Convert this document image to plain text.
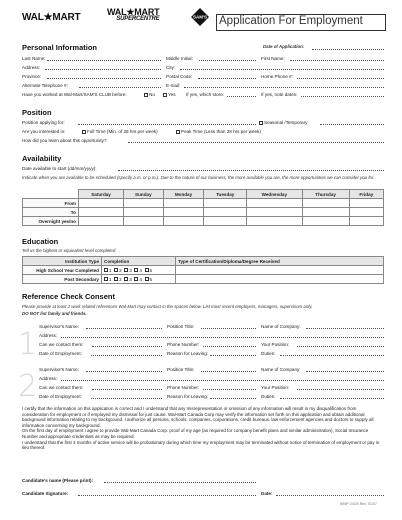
WAL★MART	WAL★MART
SUPERCENTRE	SAM'S Application For Employment
Personal Information	Date of Application:
Last Name:	Middle Initial:	First Name:
Address:	City:
Province:	Postal Code:	Home Phone #:
Alternate Telephone #:	E-mail:
Have you worked at Wal-Mart/SAM'S CLUB before:	No	Yes If yes, which store:	If yes, note dates:
Position
Position applying for:	Seasonal /Temporary
Are you interested in:	Full Time (Min. of 28 hrs per week)	Peak Time (Less than 28 hrs per week)
How did you learn about this opportunity?
Availability
Date available to start (dd/mm/yyyy):
Indicate when you are available to be scheduled (specify a.m. or p.m.). Due to the nature of our business, the more available you are, the more opportunities we can consider you for.
	Saturday	Sunday	Monday	Tuesday	Wednesday	Thursday	Friday
From							
To							
Overnight yes/no							
Education
Tell us the highest or equivalent level completed
Institution Type	Completion	Type of Certification/Diploma/Degree Received
High School Year Completed	1 2 3 4 5	
Post Secondary	1 2 3 4 5	
Reference Check Consent
Please provide at least 2 work related references Wal-Mart may contact in the spaces below. List most recent employers, managers, supervisors only.
DO NOT list family and friends.
1
Supervisor's Name:	Position Title:	Name of Company:
Address:
Can we contact them:	Phone Number:	Your Position:
Date of Employment:	Reason for Leaving:	Duties:
2 Supervisor's Name:	Position Title:	Name of Company:
Address:
Can we contact them:	Phone Number:	Your Position:
Date of Employment:	Reason for Leaving:	Duties:
I certify that the information on this application is correct and I understand that any misrepresentation or omission of any information will result in my disqualification from consideration for employment or if employed my dismissal for just cause. Wal-Mart Canada Corp may verify the information set forth on this application and obtain additional background information relating to my background. I authorize all persons, schools, companies, corporations, credit bureaus, law enforcement agencies and doctors to supply all information concerning my background.
On the first day of employment I agree to provide Wal-Mart Canada Corp. proof of my age (as required for company benefit plans and similar administration), Social Insurance Number and appropriate credentials as may be required.
I understand that the first 3 months of active service will be probationary during which time my employment may be terminated without notice of termination of employment or pay in lieu thereof.
Candidate's name (Please print):
Candidate Signature:	Date:
WMP 24CB Rev. 01/07
